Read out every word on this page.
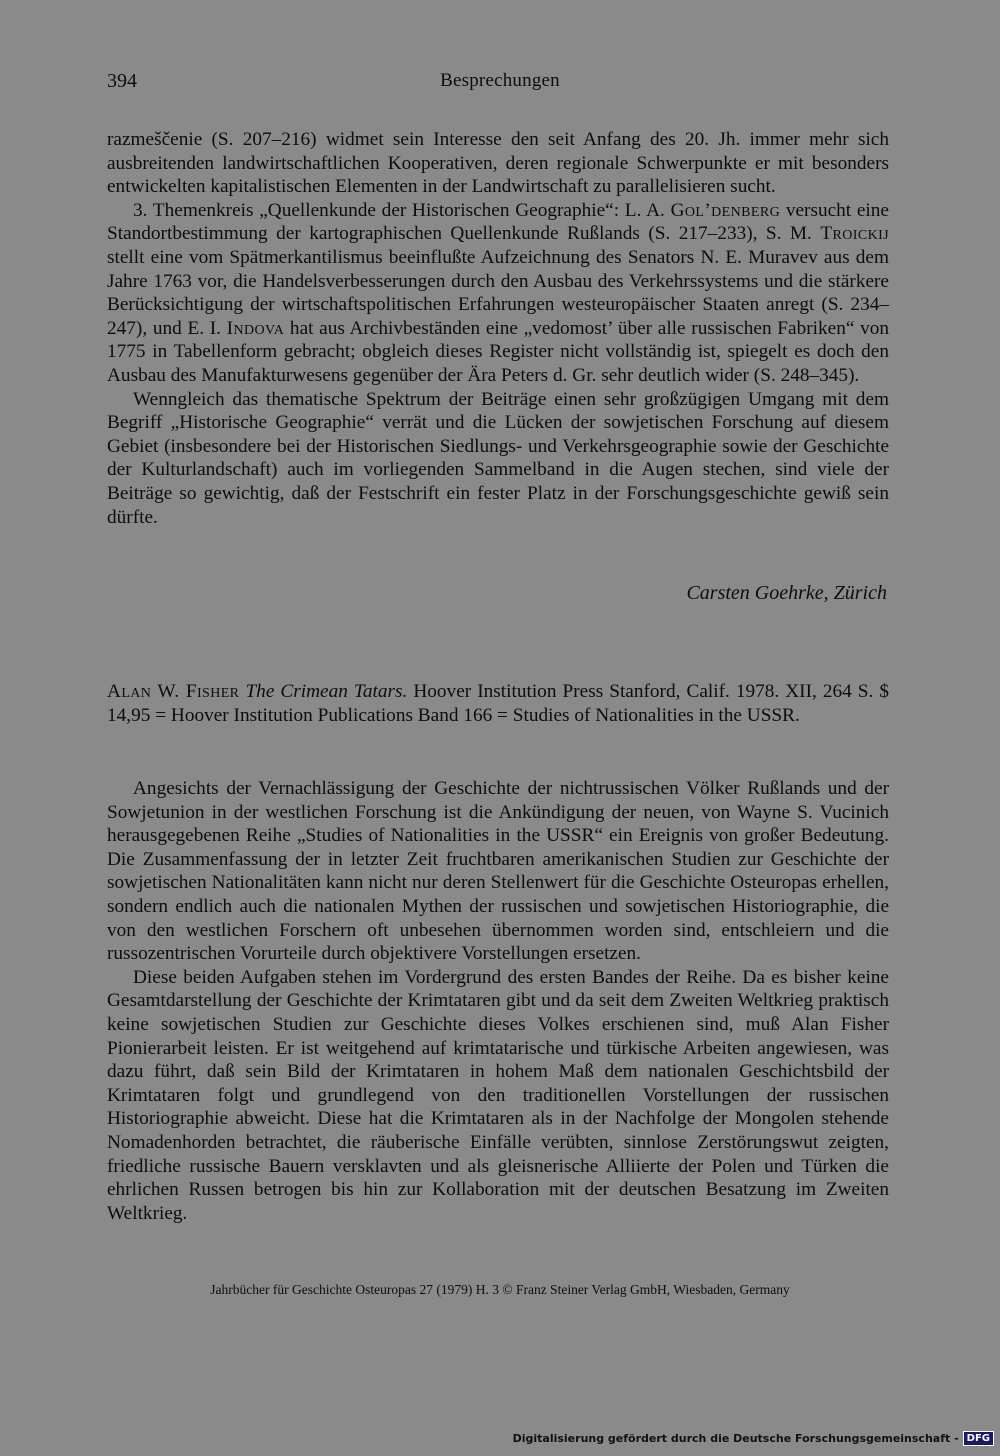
394	Besprechungen

razmeščenie (S. 207–216) widmet sein Interesse den seit Anfang des 20. Jh. immer mehr sich ausbreitenden landwirtschaftlichen Kooperativen, deren regionale Schwerpunkte er mit besonders entwickelten kapitalistischen Elementen in der Landwirtschaft zu parallelisieren sucht.

3. Themenkreis „Quellenkunde der Historischen Geographie“: L. A. Gol’denberg versucht eine Standortbestimmung der kartographischen Quellenkunde Rußlands (S. 217–233), S. M. Troickij stellt eine vom Spätmerkantilismus beeinflußte Aufzeichnung des Senators N. E. Muravev aus dem Jahre 1763 vor, die Handelsverbesserungen durch den Ausbau des Verkehrssystems und die stärkere Berücksichtigung der wirtschaftspolitischen Erfahrungen westeuropäischer Staaten anregt (S. 234–247), und E. I. Indova hat aus Archivbeständen eine „vedomost’ über alle russischen Fabriken“ von 1775 in Tabellenform gebracht; obgleich dieses Register nicht vollständig ist, spiegelt es doch den Ausbau des Manufakturwesens gegenüber der Ära Peters d. Gr. sehr deutlich wider (S. 248–345).

Wenngleich das thematische Spektrum der Beiträge einen sehr großzügigen Umgang mit dem Begriff „Historische Geographie“ verrät und die Lücken der sowjetischen Forschung auf diesem Gebiet (insbesondere bei der Historischen Siedlungs- und Verkehrsgeographie sowie der Geschichte der Kulturlandschaft) auch im vorliegenden Sammelband in die Augen stechen, sind viele der Beiträge so gewichtig, daß der Festschrift ein fester Platz in der Forschungsgeschichte gewiß sein dürfte.

Carsten Goehrke, Zürich
Alan W. Fisher The Crimean Tatars. Hoover Institution Press Stanford, Calif. 1978. XII, 264 S. $ 14,95 = Hoover Institution Publications Band 166 = Studies of Nationalities in the USSR.

Angesichts der Vernachlässigung der Geschichte der nichtrussischen Völker Rußlands und der Sowjetunion in der westlichen Forschung ist die Ankündigung der neuen, von Wayne S. Vucinich herausgegebenen Reihe „Studies of Nationalities in the USSR“ ein Ereignis von großer Bedeutung. Die Zusammenfassung der in letzter Zeit fruchtbaren amerikanischen Studien zur Geschichte der sowjetischen Nationalitäten kann nicht nur deren Stellenwert für die Geschichte Osteuropas erhellen, sondern endlich auch die nationalen Mythen der russischen und sowjetischen Historiographie, die von den westlichen Forschern oft unbesehen übernommen worden sind, entschleiern und die russozentrischen Vorurteile durch objektivere Vorstellungen ersetzen.

Diese beiden Aufgaben stehen im Vordergrund des ersten Bandes der Reihe. Da es bisher keine Gesamtdarstellung der Geschichte der Krimtataren gibt und da seit dem Zweiten Weltkrieg praktisch keine sowjetischen Studien zur Geschichte dieses Volkes erschienen sind, muß Alan Fisher Pionierarbeit leisten. Er ist weitgehend auf krimtatarische und türkische Arbeiten angewiesen, was dazu führt, daß sein Bild der Krimtataren in hohem Maß dem nationalen Geschichtsbild der Krimtataren folgt und grundlegend von den traditionellen Vorstellungen der russischen Historiographie abweicht. Diese hat die Krimtataren als in der Nachfolge der Mongolen stehende Nomadenhorden betrachtet, die räuberische Einfälle verübten, sinnlose Zerstörungswut zeigten, friedliche russische Bauern versklavten und als gleisnerische Alliierte der Polen und Türken die ehrlichen Russen betrogen bis hin zur Kollaboration mit der deutschen Besatzung im Zweiten Weltkrieg.

Jahrbücher für Geschichte Osteuropas 27 (1979) H. 3 © Franz Steiner Verlag GmbH, Wiesbaden, Germany
Digitalisierung gefördert durch die Deutsche Forschungsgemeinschaft - DFG
